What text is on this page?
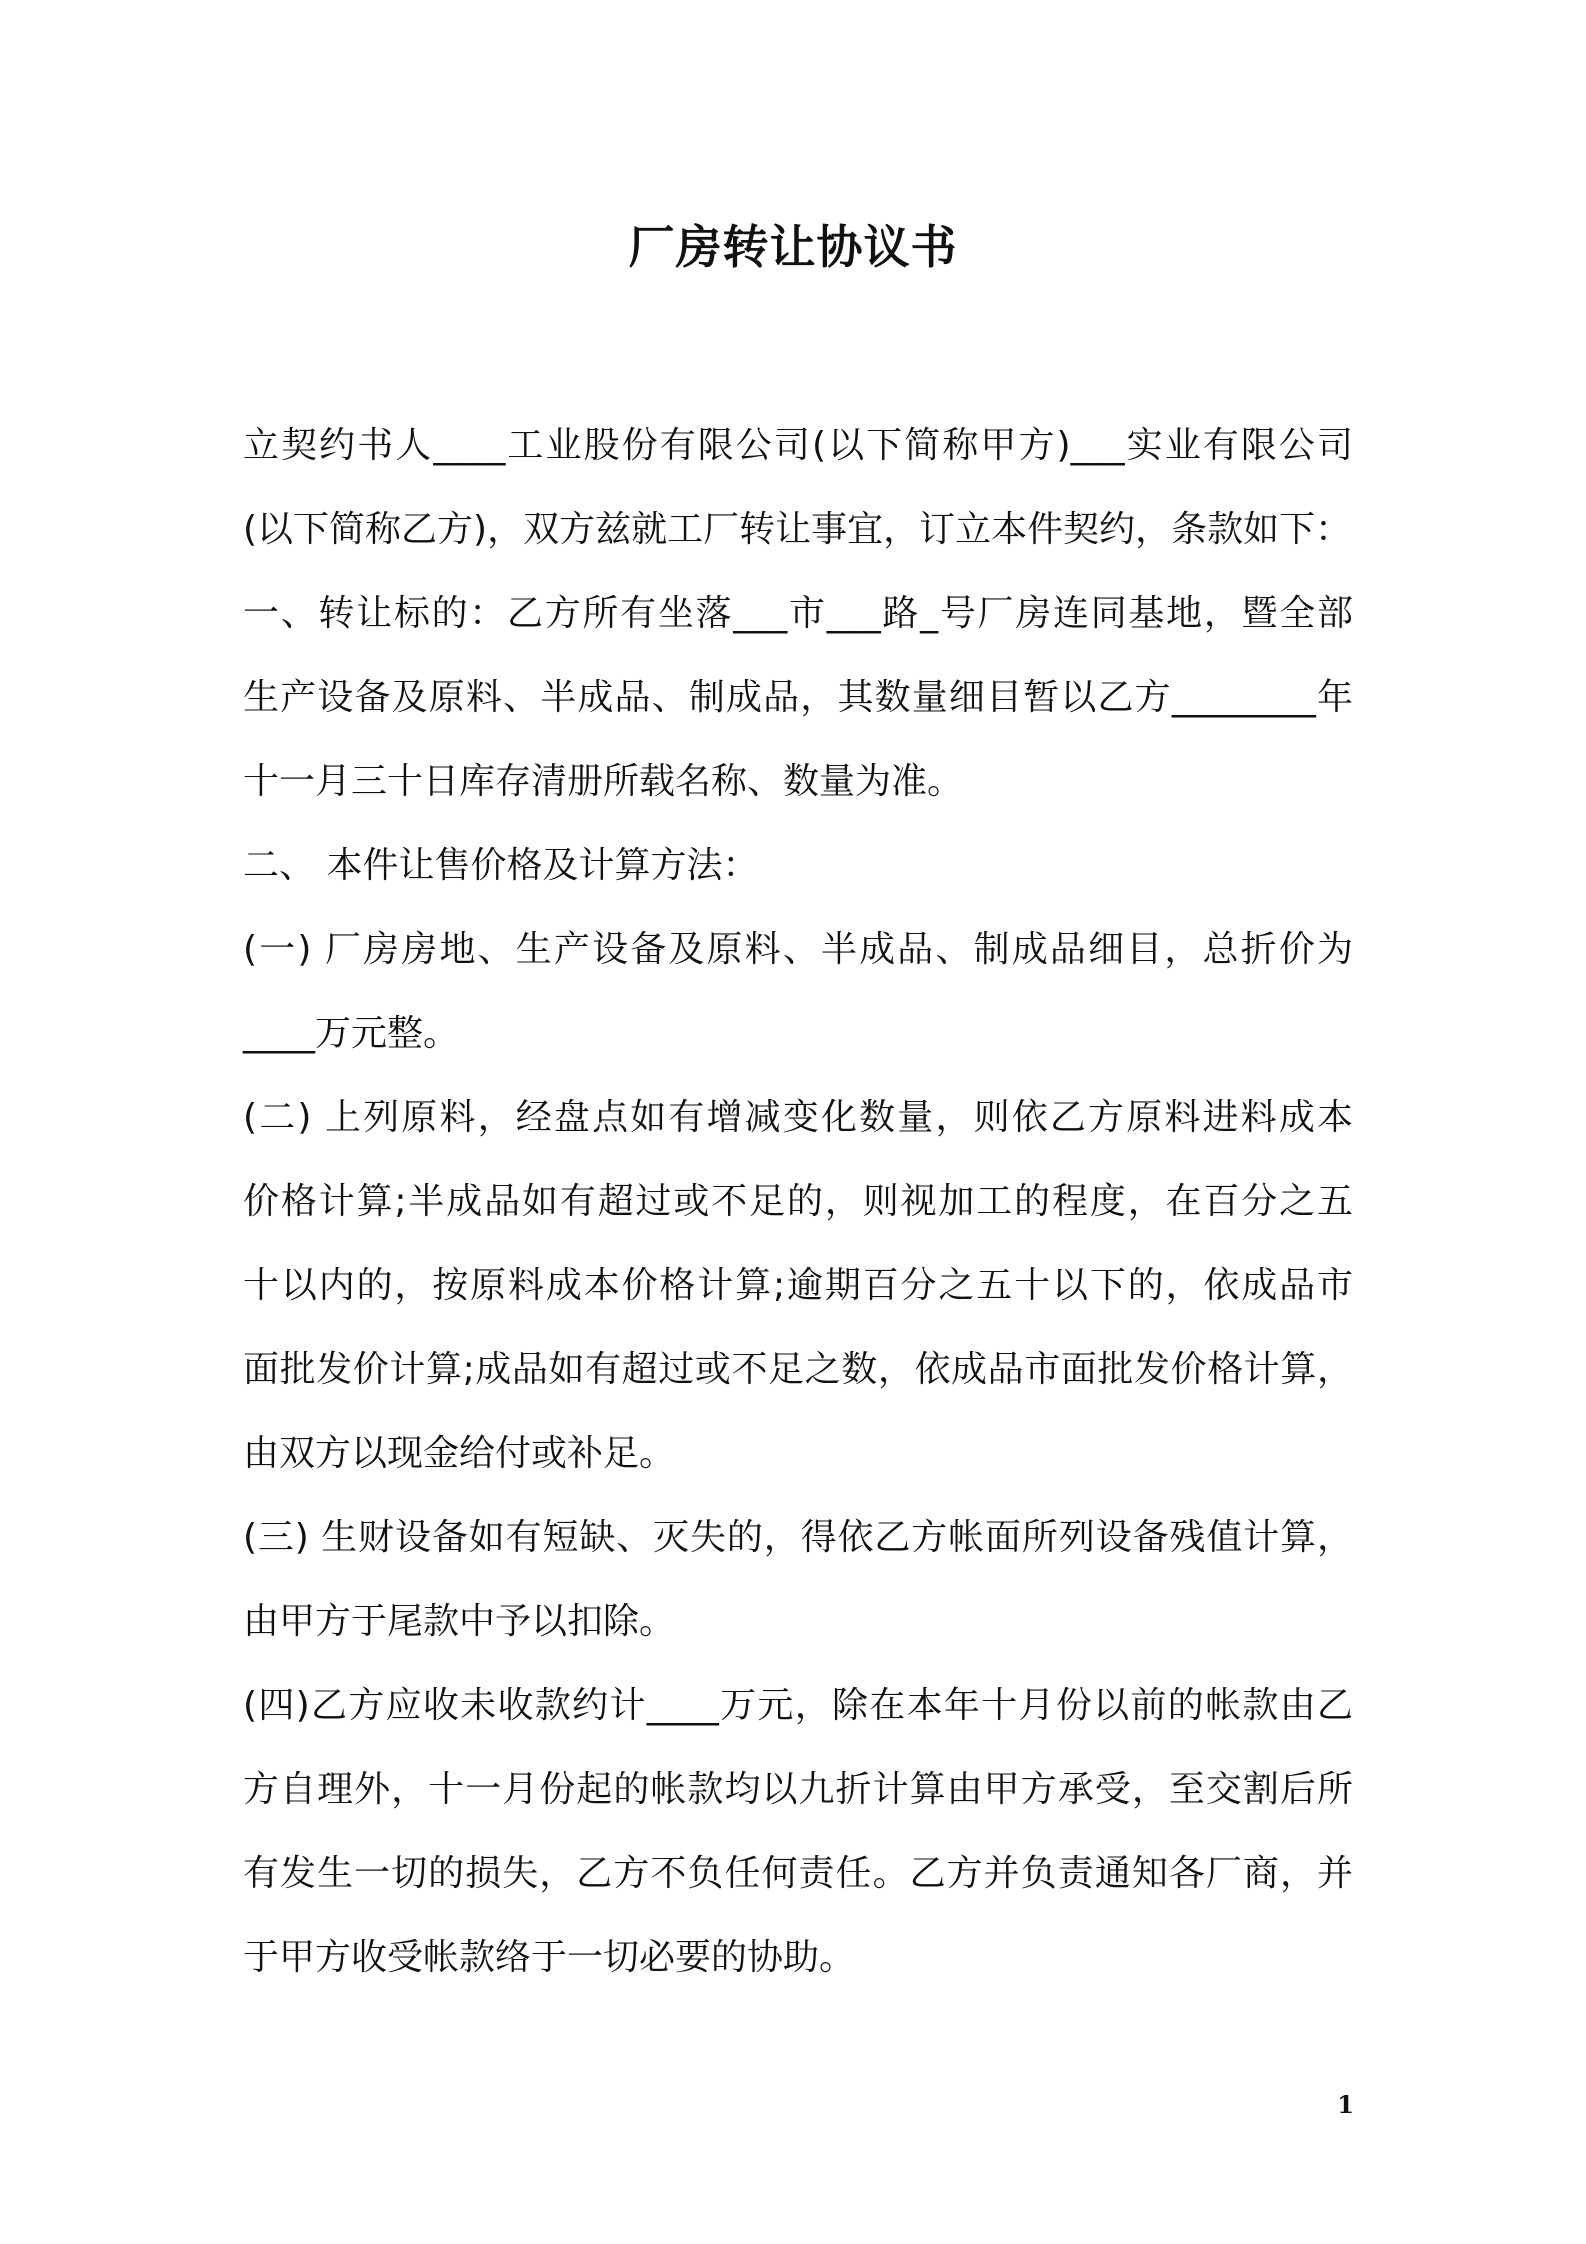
厂房转让协议书
立契约书人____工业股份有限公司(以下简称甲方)___实业有限公司
(以下简称乙方)，双方兹就工厂转让事宜，订立本件契约，条款如下：
一、转让标的：乙方所有坐落___市___路_号厂房连同基地，暨全部
生产设备及原料、半成品、制成品，其数量细目暂以乙方________年
十一月三十日库存清册所载名称、数量为准。
二、 本件让售价格及计算方法：
(一) 厂房房地、生产设备及原料、半成品、制成品细目，总折价为
____万元整。
(二) 上列原料，经盘点如有增减变化数量，则依乙方原料进料成本
价格计算;半成品如有超过或不足的，则视加工的程度，在百分之五
十以内的，按原料成本价格计算;逾期百分之五十以下的，依成品市
面批发价计算;成品如有超过或不足之数，依成品市面批发价格计算，
由双方以现金给付或补足。
(三) 生财设备如有短缺、灭失的，得依乙方帐面所列设备残值计算，
由甲方于尾款中予以扣除。
(四)乙方应收未收款约计____万元，除在本年十月份以前的帐款由乙
方自理外，十一月份起的帐款均以九折计算由甲方承受，至交割后所
有发生一切的损失，乙方不负任何责任。乙方并负责通知各厂商，并
于甲方收受帐款络于一切必要的协助。
1
